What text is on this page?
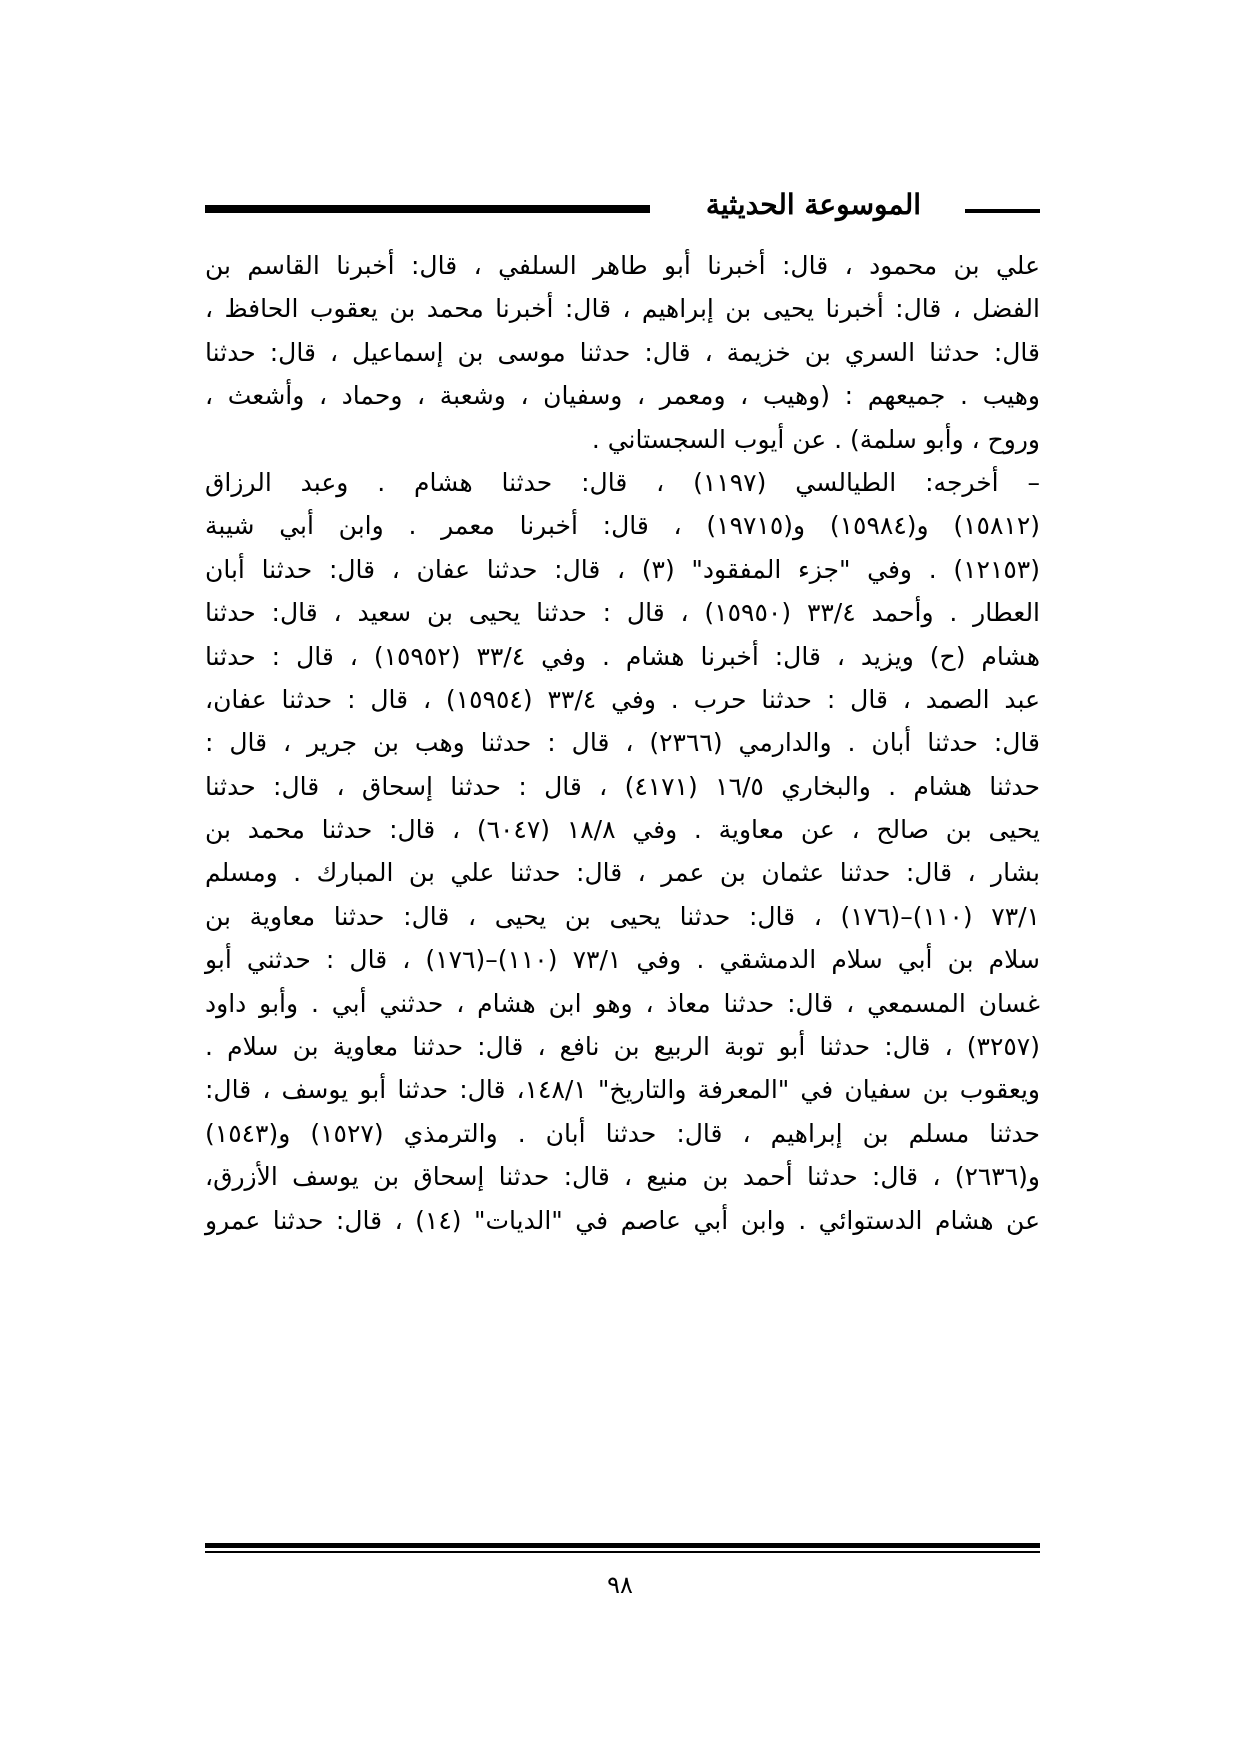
الموسوعة الحديثية
علي بن محمود ، قال: أخبرنا أبو طاهر السلفي ، قال: أخبرنا القاسم بن
الفضل ، قال: أخبرنا يحيى بن إبراهيم ، قال: أخبرنا محمد بن يعقوب الحافظ ،
قال: حدثنا السري بن خزيمة ، قال: حدثنا موسى بن إسماعيل ، قال: حدثنا
وهيب . جميعهم : (وهيب ، ومعمر ، وسفيان ، وشعبة ، وحماد ، وأشعث ،
وروح ، وأبو سلمة) . عن أيوب السجستاني .
– أخرجه: الطيالسي (١١٩٧) ، قال: حدثنا هشام . وعبد الرزاق
(١٥٨١٢) و(١٥٩٨٤) و(١٩٧١٥) ، قال: أخبرنا معمر . وابن أبي شيبة
(١٢١٥٣) . وفي "جزء المفقود" (٣) ، قال: حدثنا عفان ، قال: حدثنا أبان
العطار . وأحمد ٣٣/٤ (١٥٩٥٠) ، قال : حدثنا يحيى بن سعيد ، قال: حدثنا
هشام (ح) ويزيد ، قال: أخبرنا هشام . وفي ٣٣/٤ (١٥٩٥٢) ، قال : حدثنا
عبد الصمد ، قال : حدثنا حرب . وفي ٣٣/٤ (١٥٩٥٤) ، قال : حدثنا عفان،
قال: حدثنا أبان . والدارمي (٢٣٦٦) ، قال : حدثنا وهب بن جرير ، قال :
حدثنا هشام . والبخاري ١٦/٥ (٤١٧١) ، قال : حدثنا إسحاق ، قال: حدثنا
يحيى بن صالح ، عن معاوية . وفي ١٨/٨ (٦٠٤٧) ، قال: حدثنا محمد بن
بشار ، قال: حدثنا عثمان بن عمر ، قال: حدثنا علي بن المبارك . ومسلم
٧٣/١ (١١٠)–(١٧٦) ، قال: حدثنا يحيى بن يحيى ، قال: حدثنا معاوية بن
سلام بن أبي سلام الدمشقي . وفي ٧٣/١ (١١٠)–(١٧٦) ، قال : حدثني أبو
غسان المسمعي ، قال: حدثنا معاذ ، وهو ابن هشام ، حدثني أبي . وأبو داود
(٣٢٥٧) ، قال: حدثنا أبو توبة الربيع بن نافع ، قال: حدثنا معاوية بن سلام .
ويعقوب بن سفيان في "المعرفة والتاريخ" ١٤٨/١، قال: حدثنا أبو يوسف ، قال:
حدثنا مسلم بن إبراهيم ، قال: حدثنا أبان . والترمذي (١٥٢٧) و(١٥٤٣)
و(٢٦٣٦) ، قال: حدثنا أحمد بن منيع ، قال: حدثنا إسحاق بن يوسف الأزرق،
عن هشام الدستوائي . وابن أبي عاصم في "الديات" (١٤) ، قال: حدثنا عمرو
٩٨
